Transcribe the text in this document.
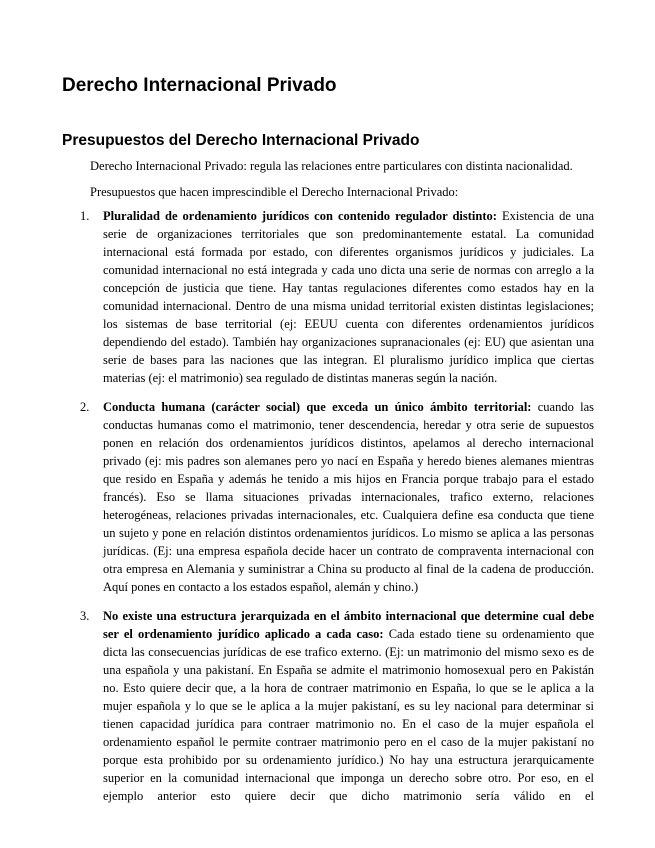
Derecho Internacional Privado
Presupuestos del Derecho Internacional Privado

Derecho Internacional Privado: regula las relaciones entre particulares con distinta nacionalidad.

Presupuestos que hacen imprescindible el Derecho Internacional Privado:

1.	Pluralidad de ordenamiento jurídicos con contenido regulador distinto: Existencia de una serie de organizaciones territoriales que son predominantemente estatal. La comunidad internacional está formada por estado, con diferentes organismos jurídicos y judiciales. La comunidad internacional no está integrada y cada uno dicta una serie de normas con arreglo a la concepción de justicia que tiene. Hay tantas regulaciones diferentes como estados hay en la comunidad internacional. Dentro de una misma unidad territorial existen distintas legislaciones; los sistemas de base territorial (ej: EEUU cuenta con diferentes ordenamientos jurídicos dependiendo del estado). También hay organizaciones supranacionales (ej: EU) que asientan una serie de bases para las naciones que las integran. El pluralismo jurídico implica que ciertas materias (ej: el matrimonio) sea regulado de distintas maneras según la nación.
2.	Conducta humana (carácter social) que exceda un único ámbito territorial: cuando las conductas humanas como el matrimonio, tener descendencia, heredar y otra serie de supuestos ponen en relación dos ordenamientos jurídicos distintos, apelamos al derecho internacional privado (ej: mis padres son alemanes pero yo nací en España y heredo bienes alemanes mientras que resido en España y además he tenido a mis hijos en Francia porque trabajo para el estado francés). Eso se llama situaciones privadas internacionales, trafico externo, relaciones heterogéneas, relaciones privadas internacionales, etc. Cualquiera define esa conducta que tiene un sujeto y pone en relación distintos ordenamientos jurídicos. Lo mismo se aplica a las personas jurídicas. (Ej: una empresa española decide hacer un contrato de compraventa internacional con otra empresa en Alemania y suministrar a China su producto al final de la cadena de producción. Aquí pones en contacto a los estados español, alemán y chino.)
3.	No existe una estructura jerarquizada en el ámbito internacional que determine cual debe ser el ordenamiento jurídico aplicado a cada caso: Cada estado tiene su ordenamiento que dicta las consecuencias jurídicas de ese trafico externo. (Ej: un matrimonio del mismo sexo es de una española y una pakistaní. En España se admite el matrimonio homosexual pero en Pakistán no. Esto quiere decir que, a la hora de contraer matrimonio en España, lo que se le aplica a la mujer española y lo que se le aplica a la mujer pakistaní, es su ley nacional para determinar si tienen capacidad jurídica para contraer matrimonio no. En el caso de la mujer española el ordenamiento español le permite contraer matrimonio pero en el caso de la mujer pakistaní no porque esta prohibido por su ordenamiento jurídico.) No hay una estructura jerarquicamente superior en la comunidad internacional que imponga un derecho sobre otro. Por eso, en el ejemplo anterior esto quiere decir que dicho matrimonio sería válido en el
